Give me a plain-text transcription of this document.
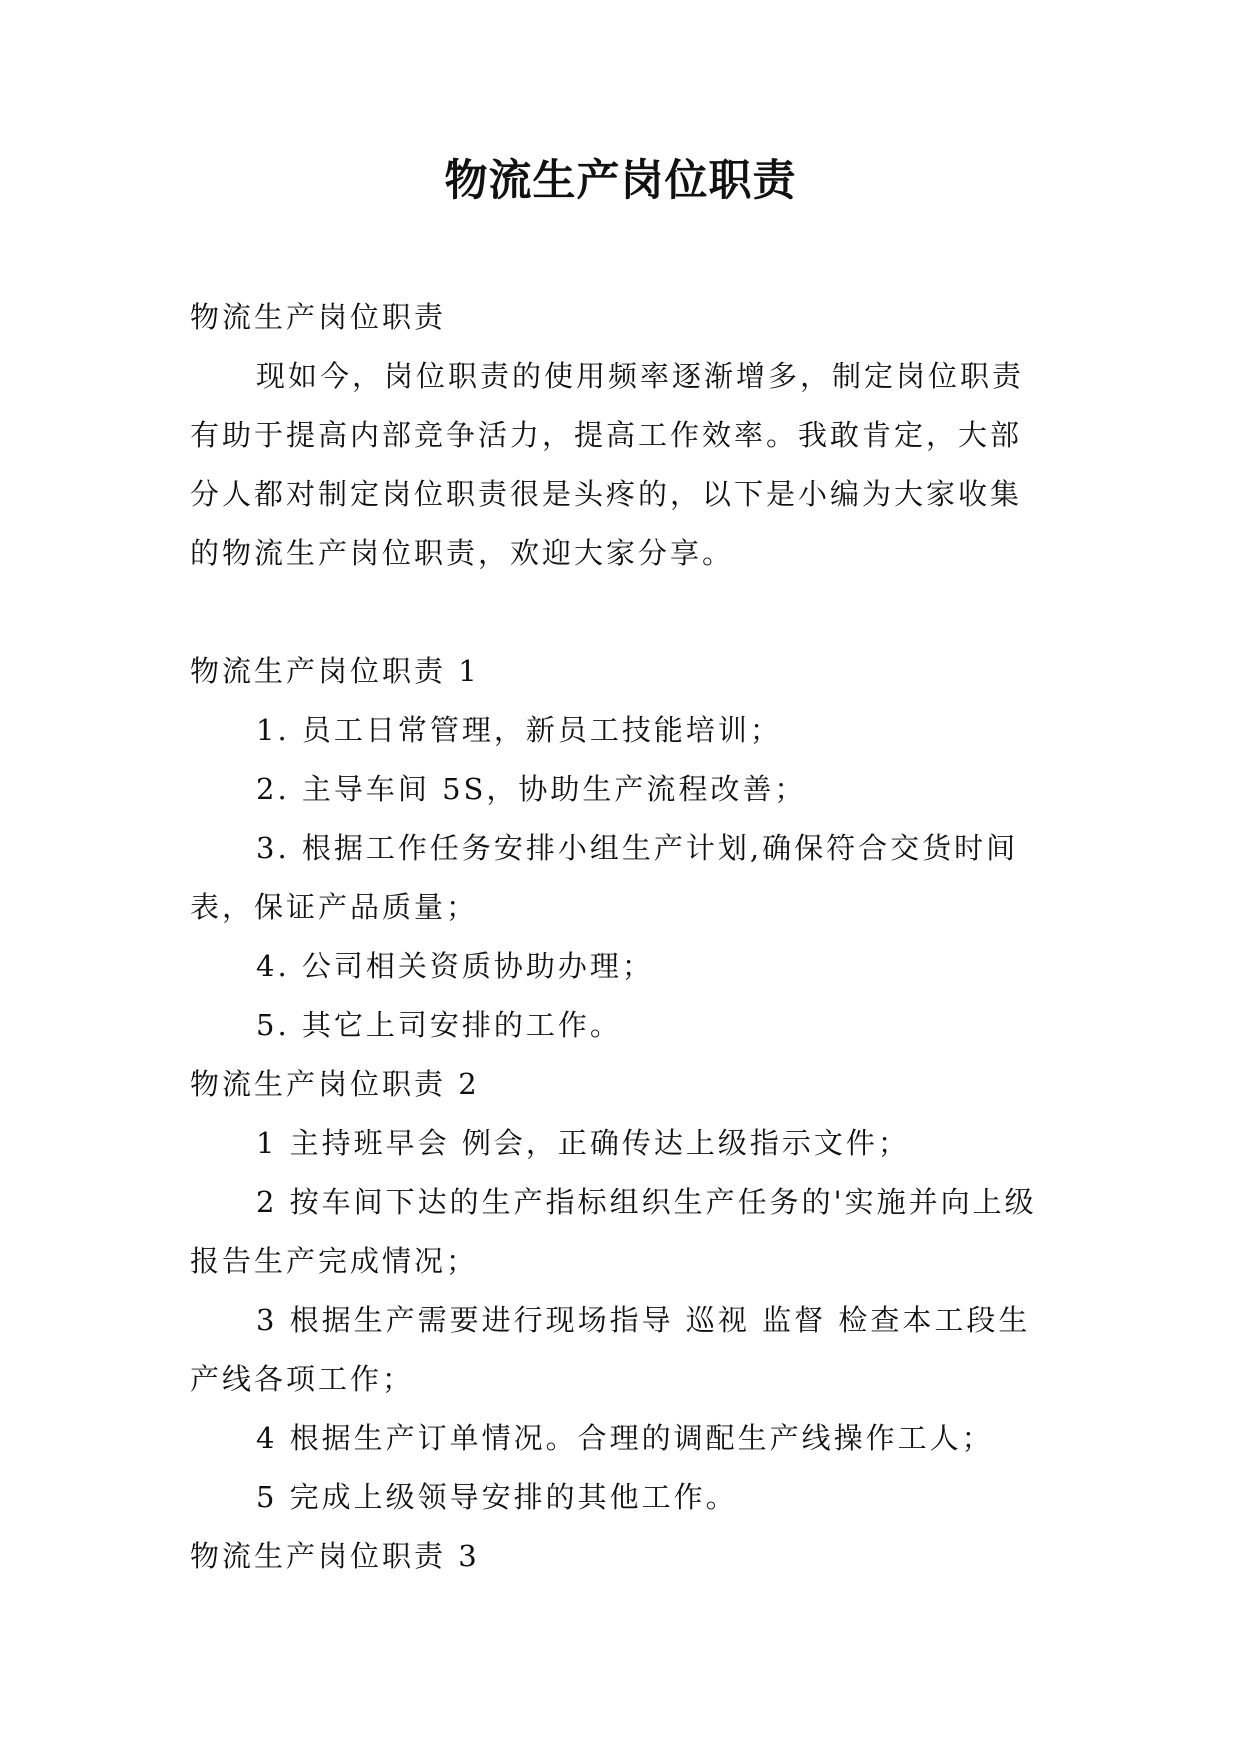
物流生产岗位职责

物流生产岗位职责

现如今，岗位职责的使用频率逐渐增多，制定岗位职责有助于提高内部竞争活力，提高工作效率。我敢肯定，大部分人都对制定岗位职责很是头疼的，以下是小编为大家收集的物流生产岗位职责，欢迎大家分享。

物流生产岗位职责 1

1. 员工日常管理，新员工技能培训；

2. 主导车间 5S，协助生产流程改善；

3. 根据工作任务安排小组生产计划,确保符合交货时间表，保证产品质量；

4. 公司相关资质协助办理；

5. 其它上司安排的工作。

物流生产岗位职责 2

1 主持班早会 例会，正确传达上级指示文件；

2 按车间下达的生产指标组织生产任务的'实施并向上级报告生产完成情况；

3 根据生产需要进行现场指导 巡视 监督 检查本工段生产线各项工作；

4 根据生产订单情况。合理的调配生产线操作工人；

5 完成上级领导安排的其他工作。

物流生产岗位职责 3
